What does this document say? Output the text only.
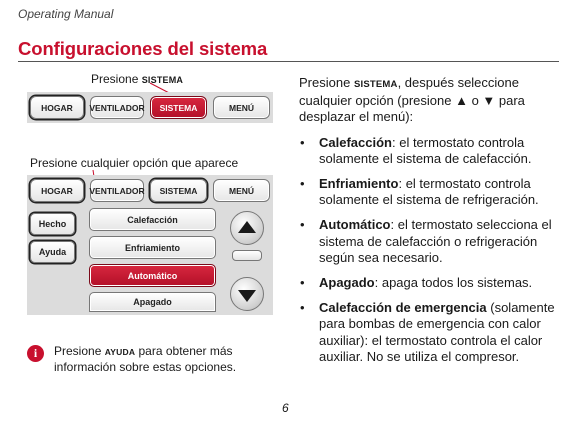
Operating Manual
Configuraciones del sistema
Presione SISTEMA
HOGAR	VENTILADOR	SISTEMA	MENÚ
Presione cualquier opción que aparece
HOGAR	VENTILADOR	SISTEMA	MENÚ
Hecho
Ayuda
Calefacción
Enfriamiento
Automático
Apagado
i	Presione AYUDA para obtener más información sobre estas opciones.

Presione SISTEMA, después seleccione cualquier opción (presione ▲ o ▼ para desplazar el menú):

• Calefacción: el termostato controla solamente el sistema de calefacción.
• Enfriamiento: el termostato controla solamente el sistema de refrigeración.
• Automático: el termostato selecciona el sistema de calefacción o refrigeración según sea necesario.
• Apagado: apaga todos los sistemas.
• Calefacción de emergencia (solamente para bombas de emergencia con calor auxiliar): el termostato controla el calor auxiliar. No se utiliza el compresor.
6
